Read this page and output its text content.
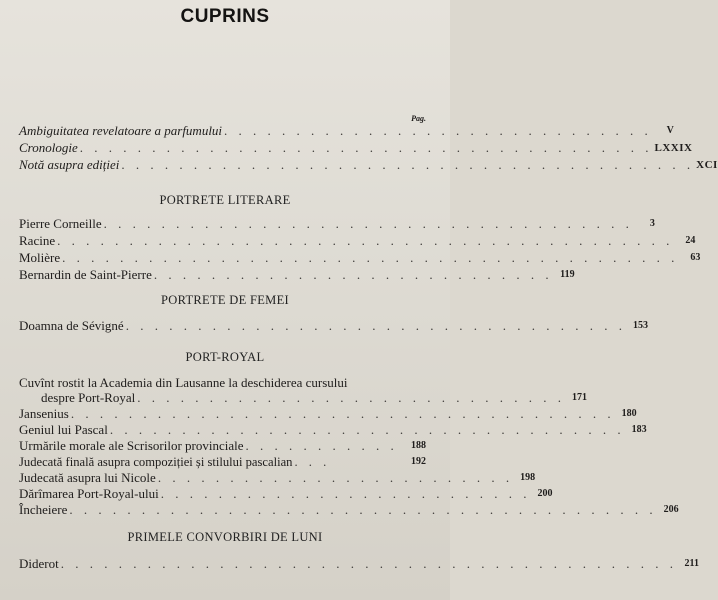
CUPRINS
Pag.
Ambiguitatea revelatoare a parfumului . . . . . . . . . . . . . . . . . . . . . . . . . . . . . .	V
Cronologie . . . . . . . . . . . . . . . . . . . . . . . . . . . . . . . . . . . . . . . . LXXIX
Notă asupra ediției . . . . . . . . . . . . . . . . . . . . . . . . . . . . . . . . . . . . . . . . XCI
PORTRETE LITERARE
Pierre Corneille . . . . . . . . . . . . . . . . . . . . . . . . . . . . . . . . . . . . .	3
Racine . . . . . . . . . . . . . . . . . . . . . . . . . . . . . . . . . . . . . . . . . . .	24
Molière . . . . . . . . . . . . . . . . . . . . . . . . . . . . . . . . . . . . . . . . . . .	63
Bernardin de Saint-Pierre . . . . . . . . . . . . . . . . . . . . . . . . . . . . 119
PORTRETE DE FEMEI
Doamna de Sévigné . . . . . . . . . . . . . . . . . . . . . . . . . . . . . . . . . . . 153
PORT-ROYAL
Cuvînt rostit la Academia din Lausanne la deschiderea cursului
despre Port-Royal . . . . . . . . . . . . . . . . . . . . . . . . . . . . . . 171
Jansenius . . . . . . . . . . . . . . . . . . . . . . . . . . . . . . . . . . . . . . 180
Geniul lui Pascal . . . . . . . . . . . . . . . . . . . . . . . . . . . . . . . . . . . . 183
Urmările morale ale Scrisorilor provinciale . . . . . . . . . . .	188
Judecată finală asupra compoziției și stilului pascalian . . .	192
Judecată asupra lui Nicole . . . . . . . . . . . . . . . . . . . . . . . . . 198
Dărîmarea Port-Royal-ului . . . . . . . . . . . . . . . . . . . . . . . . . . 200
Încheiere . . . . . . . . . . . . . . . . . . . . . . . . . . . . . . . . . . . . . . . . . 206
PRIMELE CONVORBIRI DE LUNI
Diderot . . . . . . . . . . . . . . . . . . . . . . . . . . . . . . . . . . . . . . . . . . . 211
